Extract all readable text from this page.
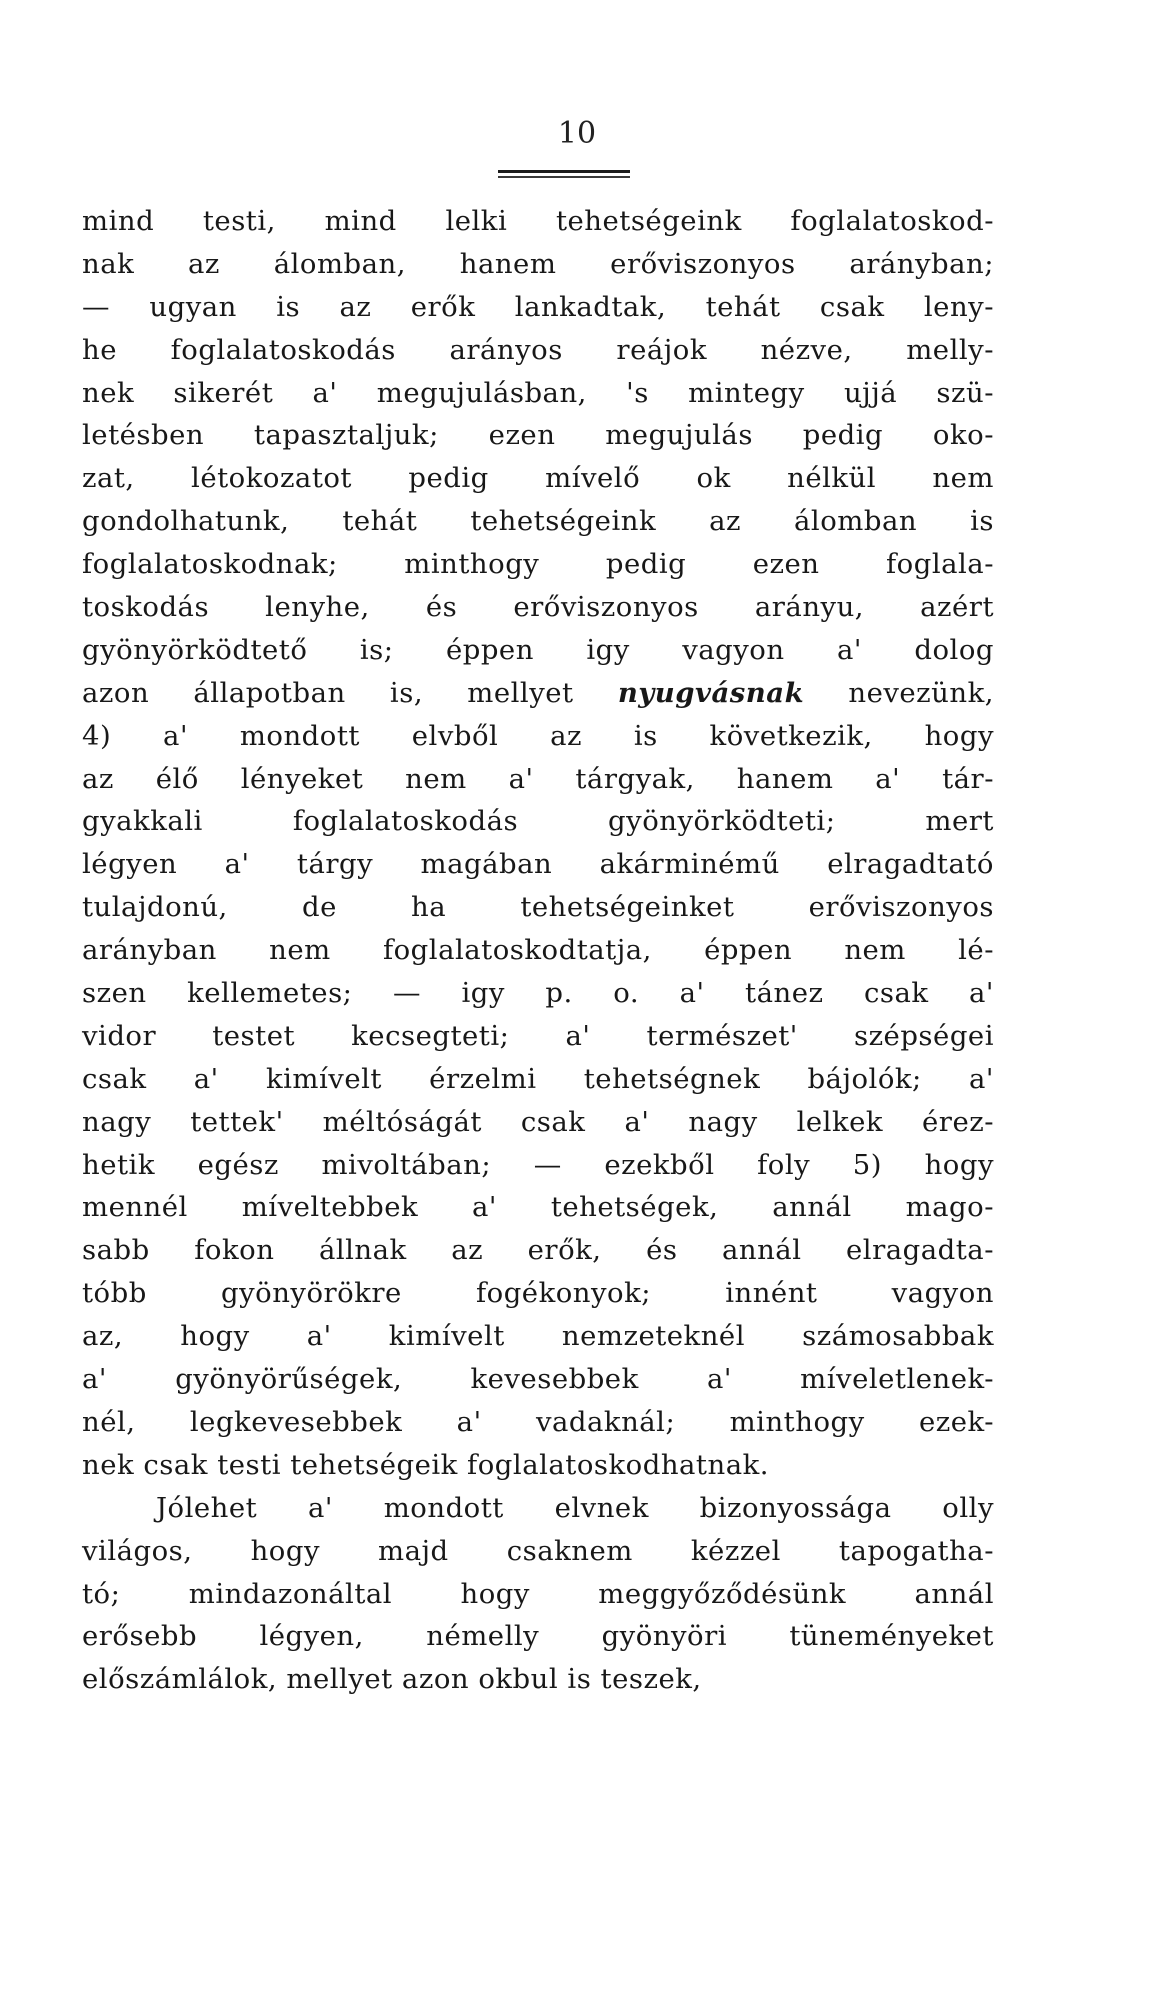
10
mind testi, mind lelki tehetségeink foglalatoskod-
nak az álomban, hanem erőviszonyos arányban;
— ugyan is az erők lankadtak, tehát csak leny-
he foglalatoskodás arányos reájok nézve, melly-
nek sikerét a' megujulásban, 's mintegy ujjá szü-
letésben tapasztaljuk; ezen megujulás pedig oko-
zat, létokozatot pedig mívelő ok nélkül nem
gondolhatunk, tehát tehetségeink az álomban is
foglalatoskodnak; minthogy pedig ezen foglala-
toskodás lenyhe, és erőviszonyos arányu, azért
gyönyörködtető is; éppen igy vagyon a' dolog
azon állapotban is, mellyet nyugvásnak nevezünk,
4) a' mondott elvből az is következik, hogy
az élő lényeket nem a' tárgyak, hanem a' tár-
gyakkali foglalatoskodás gyönyörködteti; mert
légyen a' tárgy magában akárminémű elragadtató
tulajdonú, de ha tehetségeinket erőviszonyos
arányban nem foglalatoskodtatja, éppen nem lé-
szen kellemetes; — igy p. o. a' tánez csak a'
vidor testet kecsegteti; a' természet' szépségei
csak a' kimívelt érzelmi tehetségnek bájolók; a'
nagy tettek' méltóságát csak a' nagy lelkek érez-
hetik egész mivoltában; — ezekből foly 5) hogy
mennél míveltebbek a' tehetségek, annál mago-
sabb fokon állnak az erők, és annál elragadta-
tóbb gyönyörökre fogékonyok; innént vagyon
az, hogy a' kimívelt nemzeteknél számosabbak
a' gyönyörűségek, kevesebbek a' míveletlenek-
nél, legkevesebbek a' vadaknál; minthogy ezek-
nek csak testi tehetségeik foglalatoskodhatnak.
Jólehet a' mondott elvnek bizonyossága olly
világos, hogy majd csaknem kézzel tapogatha-
tó; mindazonáltal hogy meggyőződésünk annál
erősebb légyen, némelly gyönyöri tüneményeket
előszámlálok, mellyet azon okbul is teszek,
